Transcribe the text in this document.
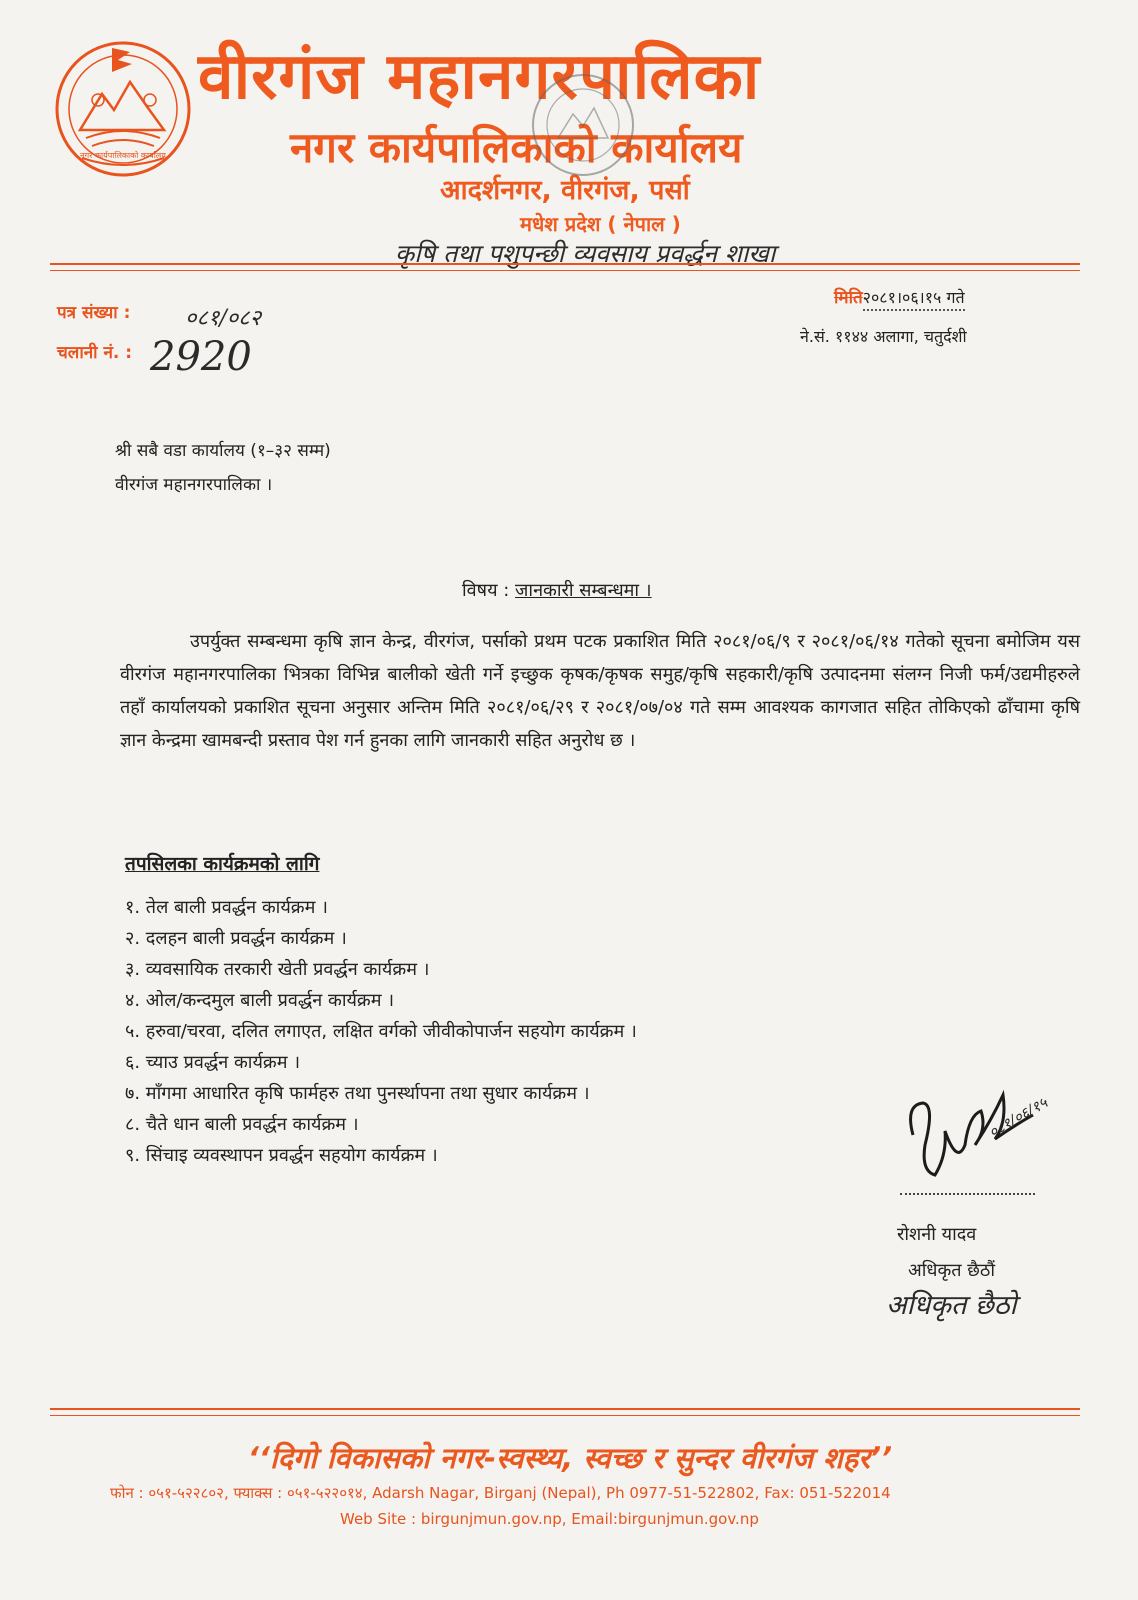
नगर कार्यपालिकाको कार्यालय
वीरगंज महानगरपालिका
नगर कार्यपालिकाको कार्यालय
आदर्शनगर, वीरगंज, पर्सा
मधेश प्रदेश ( नेपाल )
कृषि तथा पशुपन्छी व्यवसाय प्रवर्द्धन शाखा
पत्र संख्या : ०८१/०८२
चलानी नं. : 2920
मिति२०८१।०६।१५ गते
ने.सं. ११४४ अलागा, चतुर्दशी
श्री सबै वडा कार्यालय (१–३२ सम्म)
वीरगंज महानगरपालिका ।
विषय : जानकारी सम्बन्धमा ।

उपर्युक्त सम्बन्धमा कृषि ज्ञान केन्द्र, वीरगंज, पर्साको प्रथम पटक प्रकाशित मिति २०८१/०६/९ र २०८१/०६/१४ गतेको सूचना बमोजिम यस वीरगंज महानगरपालिका भित्रका विभिन्न बालीको खेती गर्ने इच्छुक कृषक/कृषक समुह/कृषि सहकारी/कृषि उत्पादनमा संलग्न निजी फर्म/उद्यमीहरुले तहाँ कार्यालयको प्रकाशित सूचना अनुसार अन्तिम मिति २०८१/०६/२९ र २०८१/०७/०४ गते सम्म आवश्यक कागजात सहित तोकिएको ढाँचामा कृषि ज्ञान केन्द्रमा खामबन्दी प्रस्ताव पेश गर्न हुनका लागि जानकारी सहित अनुरोध छ ।

तपसिलका कार्यक्रमको लागि
१. तेल बाली प्रवर्द्धन कार्यक्रम ।
२. दलहन बाली प्रवर्द्धन कार्यक्रम ।
३. व्यवसायिक तरकारी खेती प्रवर्द्धन कार्यक्रम ।
४. ओल/कन्दमुल बाली प्रवर्द्धन कार्यक्रम ।
५. हरुवा/चरवा, दलित लगाएत, लक्षित वर्गको जीवीकोपार्जन सहयोग कार्यक्रम ।
६. च्याउ प्रवर्द्धन कार्यक्रम ।
७. माँगमा आधारित कृषि फार्महरु तथा पुनर्स्थापना तथा सुधार कार्यक्रम ।
८. चैते धान बाली प्रवर्द्धन कार्यक्रम ।
९. सिंचाइ व्यवस्थापन प्रवर्द्धन सहयोग कार्यक्रम ।
०८१/०६/१५
रोशनी यादव
अधिकृत छैठौं
अधिकृत छैठो
‘‘दिगो विकासको नगर-स्वस्थ्य, स्वच्छ र सुन्दर वीरगंज शहर’’
फोन : ०५१-५२२८०२, फ्याक्स : ०५१-५२२०१४, Adarsh Nagar, Birganj (Nepal), Ph 0977-51-522802, Fax: 051-522014
Web Site : birgunjmun.gov.np, Email:birgunjmun.gov.np
